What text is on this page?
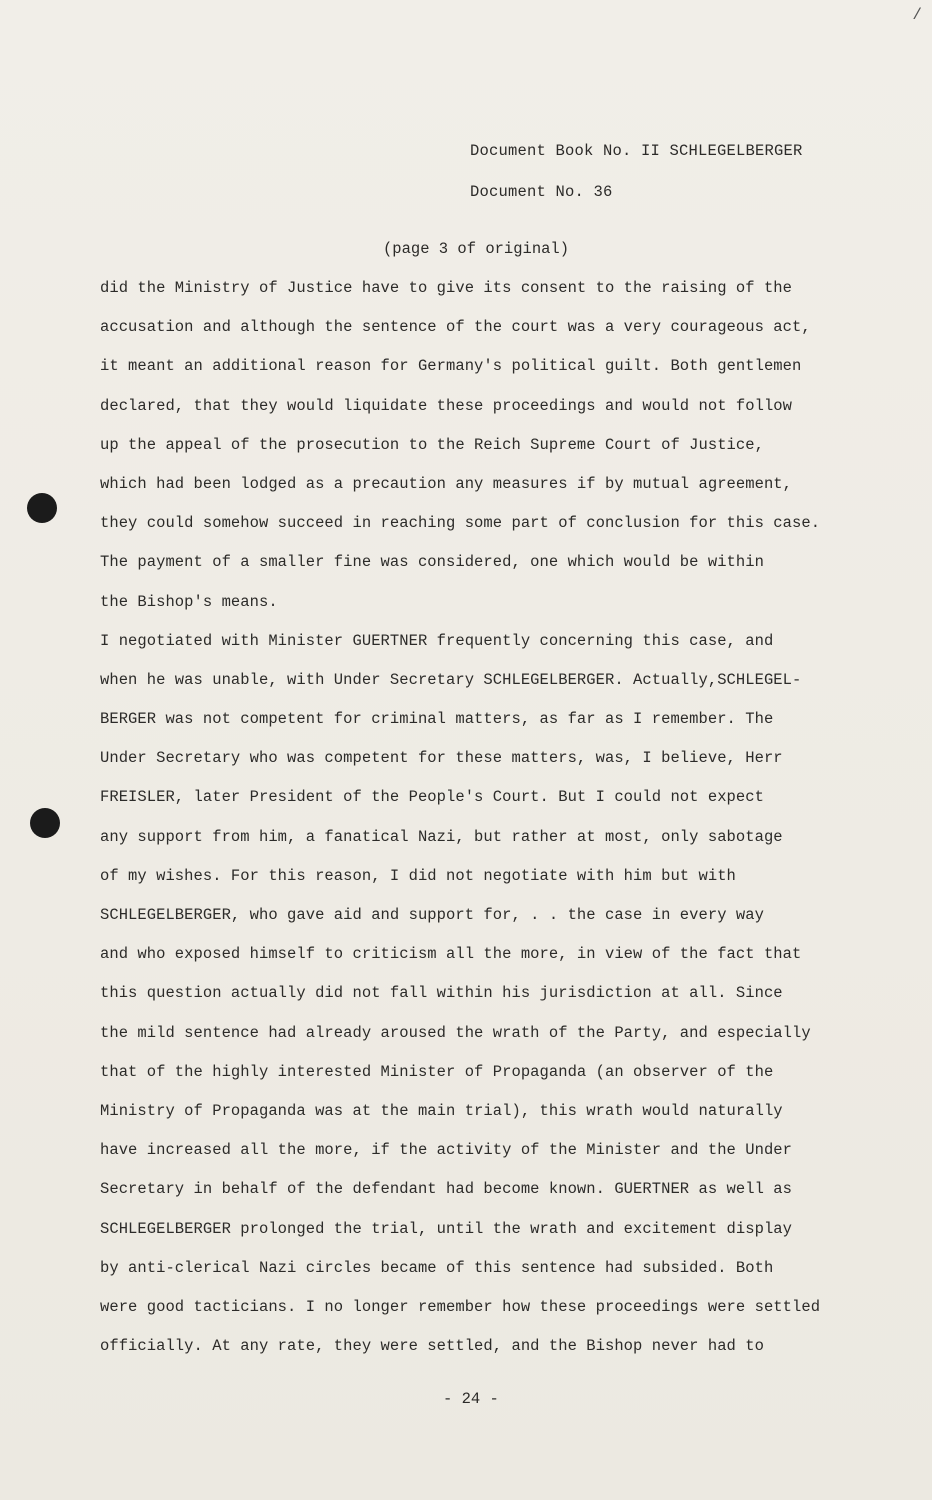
/
Document Book No. II SCHLEGELBERGER
Document No. 36
(page 3 of original)
did the Ministry of Justice have to give its consent to the raising of the
accusation and although the sentence of the court was a very courageous act,
it meant an additional reason for Germany's political guilt. Both gentlemen
declared, that they would liquidate these proceedings and would not follow
up the appeal of the prosecution to the Reich Supreme Court of Justice,
which had been lodged as a precaution any measures if by mutual agreement,
they could somehow succeed in reaching some part of conclusion for this case.
The payment of a smaller fine was considered, one which would be within
the Bishop's means.
I negotiated with Minister GUERTNER frequently concerning this case, and
when he was unable, with Under Secretary SCHLEGELBERGER. Actually,SCHLEGEL-
BERGER was not competent for criminal matters, as far as I remember. The
Under Secretary who was competent for these matters, was, I believe, Herr
FREISLER, later President of the People's Court. But I could not expect
any support from him, a fanatical Nazi, but rather at most, only sabotage
of my wishes. For this reason, I did not negotiate with him but with
SCHLEGELBERGER, who gave aid and support for, . . the case in every way
and who exposed himself to criticism all the more, in view of the fact that
this question actually did not fall within his jurisdiction at all. Since
the mild sentence had already aroused the wrath of the Party, and especially
that of the highly interested Minister of Propaganda (an observer of the
Ministry of Propaganda was at the main trial), this wrath would naturally
have increased all the more, if the activity of the Minister and the Under
Secretary in behalf of the defendant had become known. GUERTNER as well as
SCHLEGELBERGER prolonged the trial, until the wrath and excitement display
by anti-clerical Nazi circles became of this sentence had subsided. Both
were good tacticians. I no longer remember how these proceedings were settled
officially. At any rate, they were settled, and the Bishop never had to
- 24 -
